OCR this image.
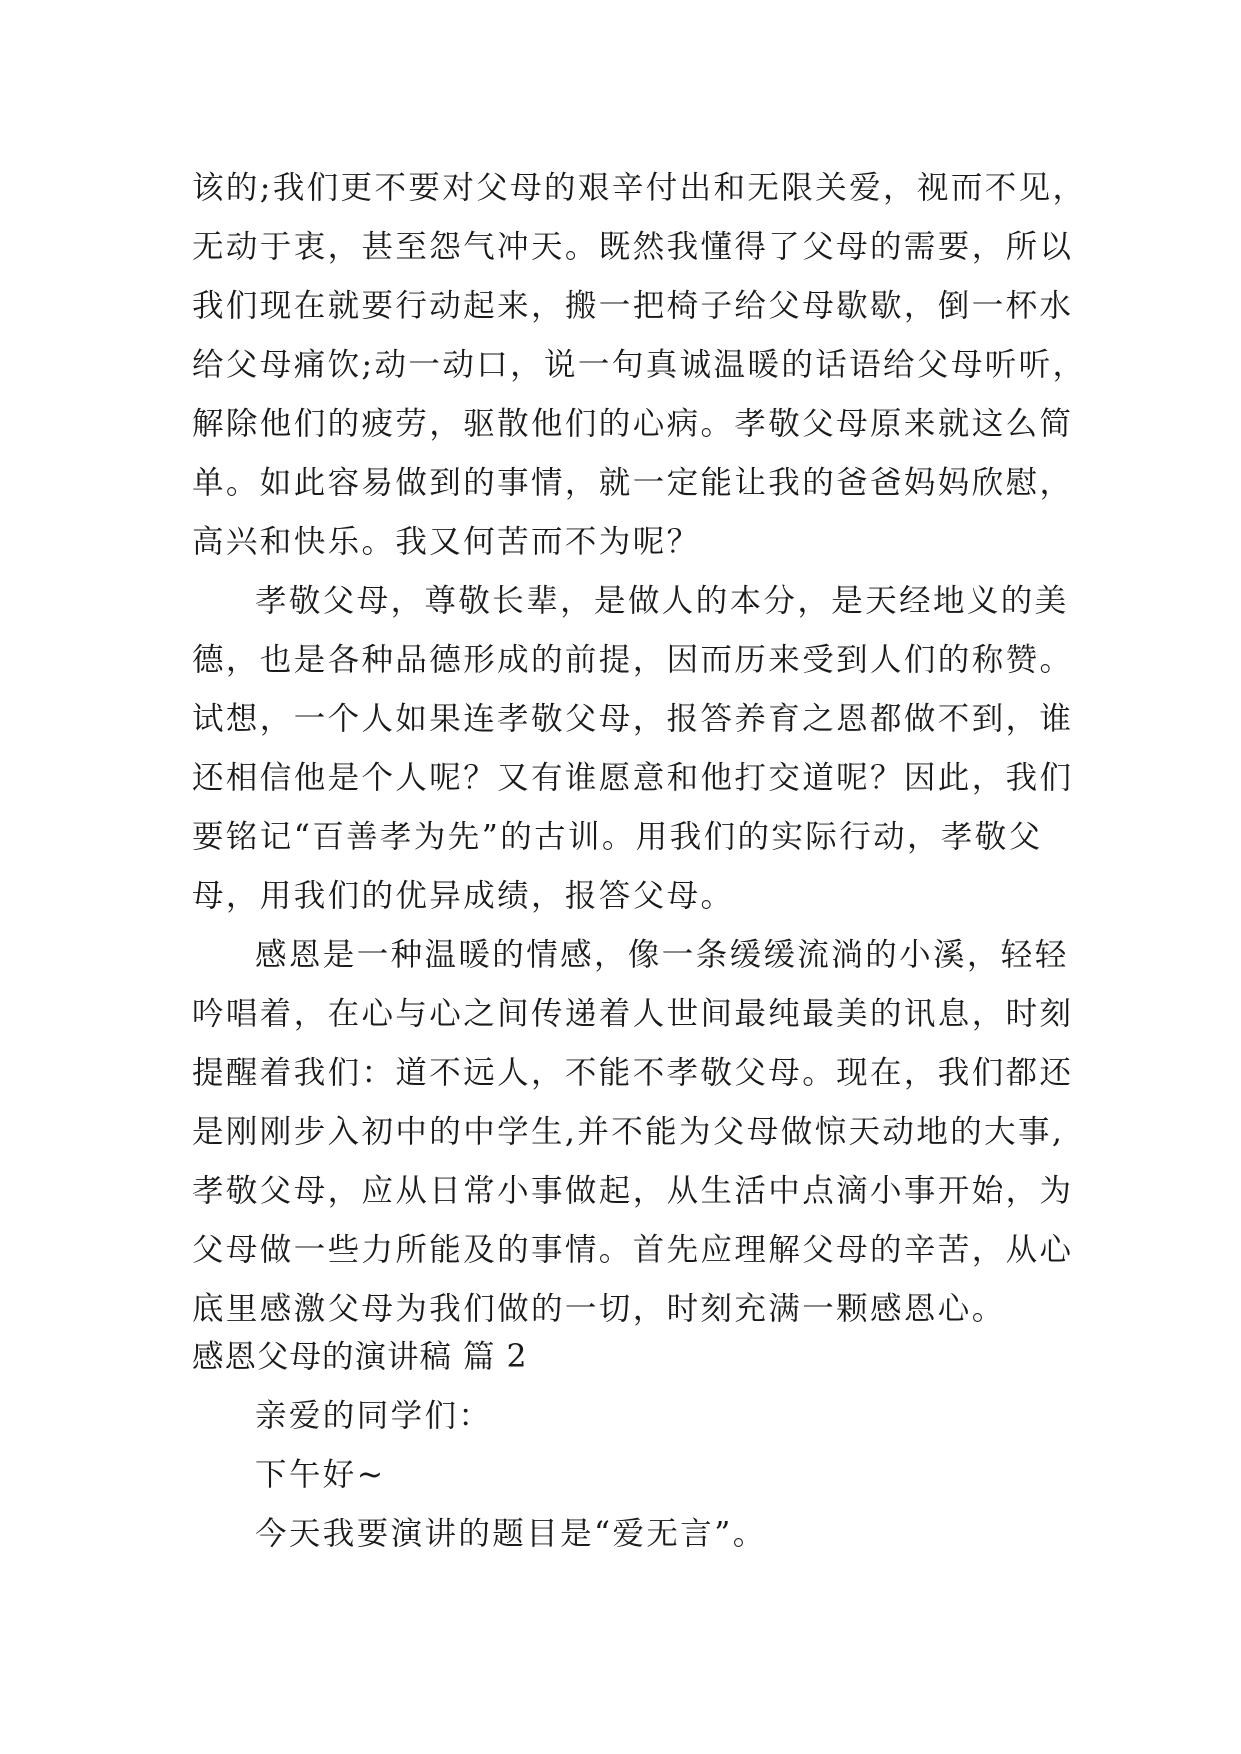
该的;我们更不要对父母的艰辛付出和无限关爱，视而不见，
无动于衷，甚至怨气冲天。既然我懂得了父母的需要，所以
我们现在就要行动起来，搬一把椅子给父母歇歇，倒一杯水
给父母痛饮;动一动口，说一句真诚温暖的话语给父母听听，
解除他们的疲劳，驱散他们的心病。孝敬父母原来就这么简
单。如此容易做到的事情，就一定能让我的爸爸妈妈欣慰，
高兴和快乐。我又何苦而不为呢？
孝敬父母，尊敬长辈，是做人的本分，是天经地义的美
德，也是各种品德形成的前提，因而历来受到人们的称赞。
试想，一个人如果连孝敬父母，报答养育之恩都做不到，谁
还相信他是个人呢？又有谁愿意和他打交道呢？因此，我们
要铭记“百善孝为先”的古训。用我们的实际行动，孝敬父
母，用我们的优异成绩，报答父母。
感恩是一种温暖的情感，像一条缓缓流淌的小溪，轻轻
吟唱着，在心与心之间传递着人世间最纯最美的讯息，时刻
提醒着我们：道不远人，不能不孝敬父母。现在，我们都还
是刚刚步入初中的中学生,并不能为父母做惊天动地的大事,
孝敬父母，应从日常小事做起，从生活中点滴小事开始，为
父母做一些力所能及的事情。首先应理解父母的辛苦，从心
底里感激父母为我们做的一切，时刻充满一颗感恩心。
感恩父母的演讲稿 篇 2
亲爱的同学们：
下午好~
今天我要演讲的题目是“爱无言”。
